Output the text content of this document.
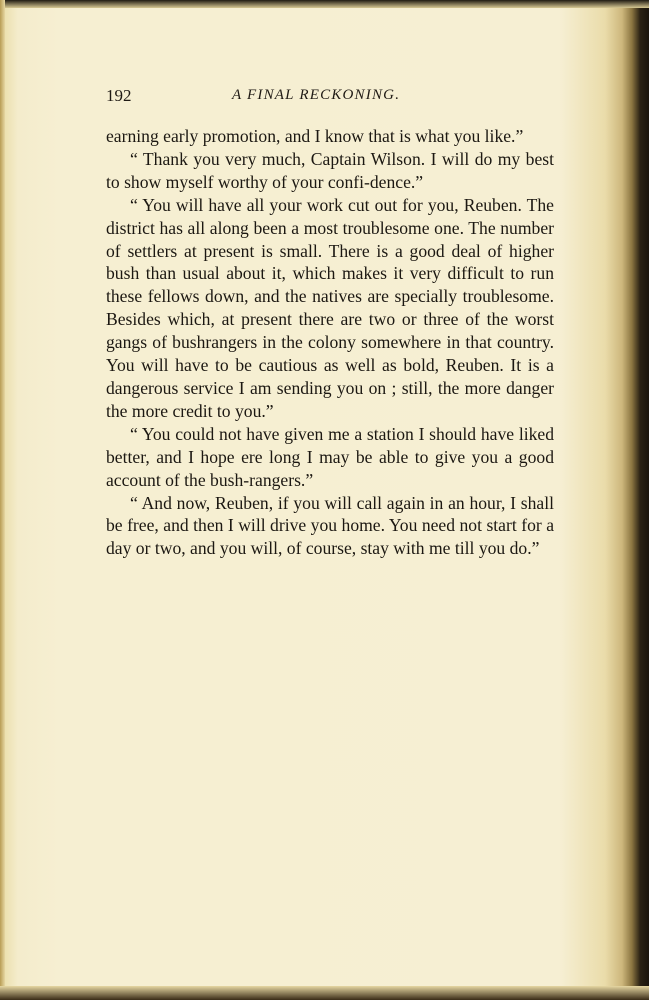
192	A FINAL RECKONING.

earning early promotion, and I know that is what you like.”

“ Thank you very much, Captain Wilson. I will do my best to show myself worthy of your confi-dence.”

“ You will have all your work cut out for you, Reuben. The district has all along been a most troublesome one. The number of settlers at present is small. There is a good deal of higher bush than usual about it, which makes it very difficult to run these fellows down, and the natives are specially troublesome. Besides which, at present there are two or three of the worst gangs of bushrangers in the colony somewhere in that country. You will have to be cautious as well as bold, Reuben. It is a dangerous service I am sending you on ; still, the more danger the more credit to you.”

“ You could not have given me a station I should have liked better, and I hope ere long I may be able to give you a good account of the bush-rangers.”

“ And now, Reuben, if you will call again in an hour, I shall be free, and then I will drive you home. You need not start for a day or two, and you will, of course, stay with me till you do.”
